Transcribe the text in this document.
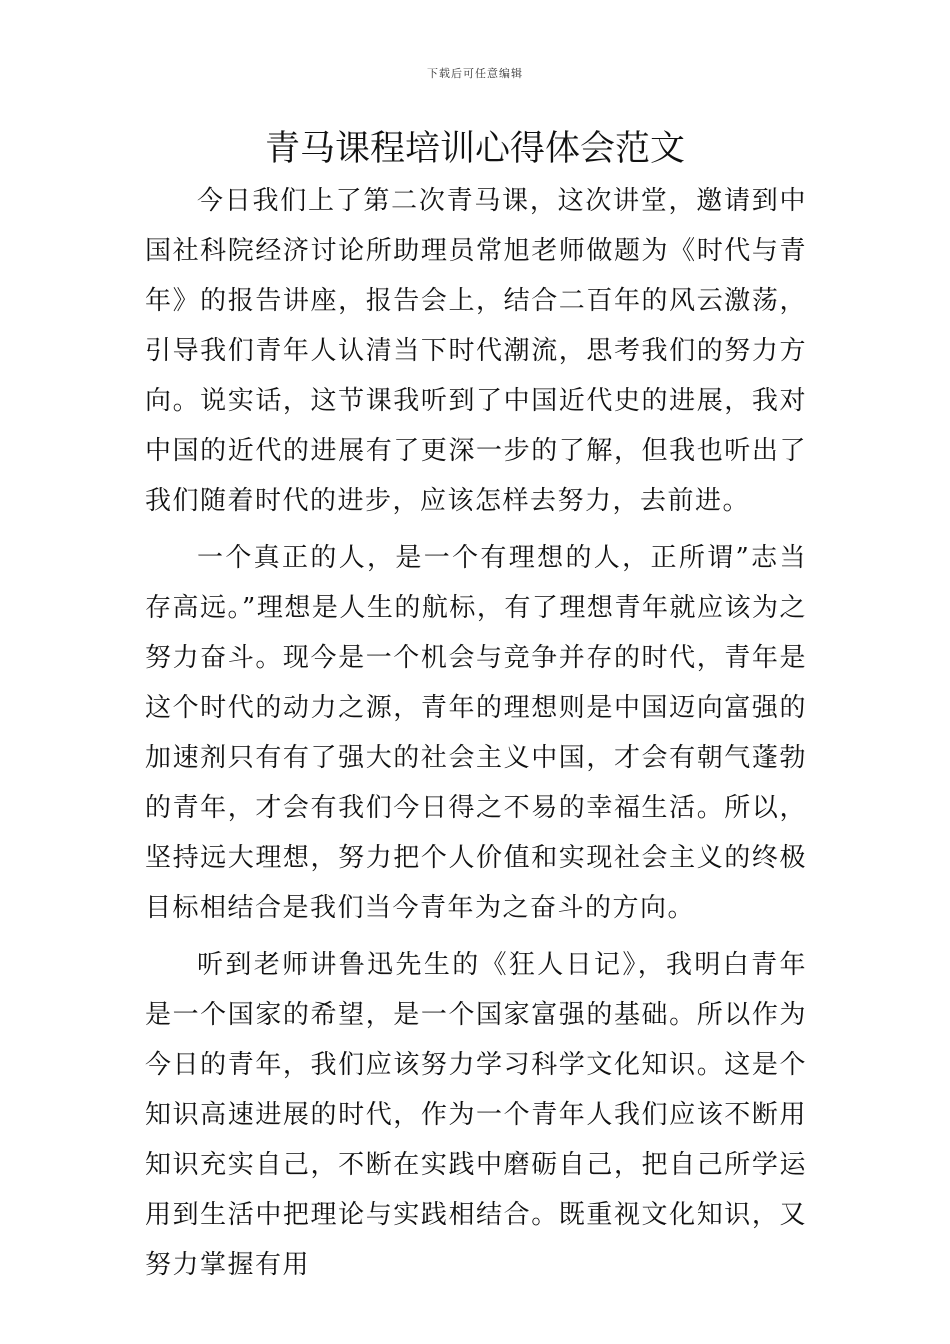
下载后可任意编辑
青马课程培训心得体会范文

今日我们上了第二次青马课，这次讲堂，邀请到中国社科院经济讨论所助理员常旭老师做题为《时代与青年》的报告讲座，报告会上，结合二百年的风云激荡，引导我们青年人认清当下时代潮流，思考我们的努力方向。说实话，这节课我听到了中国近代史的进展，我对中国的近代的进展有了更深一步的了解，但我也听出了我们随着时代的进步，应该怎样去努力，去前进。

一个真正的人，是一个有理想的人，正所谓”志当存高远。”理想是人生的航标，有了理想青年就应该为之努力奋斗。现今是一个机会与竞争并存的时代，青年是这个时代的动力之源，青年的理想则是中国迈向富强的加速剂只有有了强大的社会主义中国，才会有朝气蓬勃的青年，才会有我们今日得之不易的幸福生活。所以，坚持远大理想，努力把个人价值和实现社会主义的终极目标相结合是我们当今青年为之奋斗的方向。

听到老师讲鲁迅先生的《狂人日记》，我明白青年是一个国家的希望，是一个国家富强的基础。所以作为今日的青年，我们应该努力学习科学文化知识。这是个知识高速进展的时代，作为一个青年人我们应该不断用知识充实自己，不断在实践中磨砺自己，把自己所学运用到生活中把理论与实践相结合。既重视文化知识，又努力掌握有用
